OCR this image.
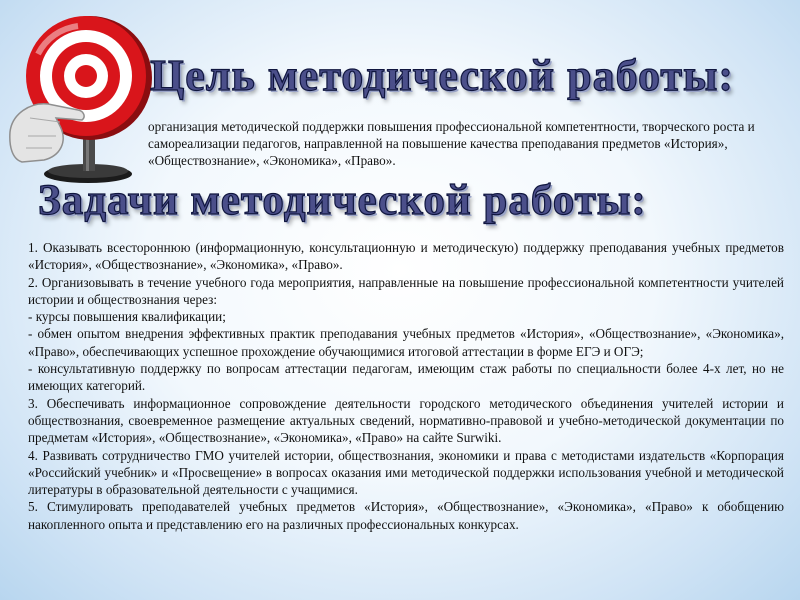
Цель методической работы:

организация методической поддержки повышения профессиональной компетентности, творческого роста и самореализации педагогов, направленной на повышение качества преподавания предметов «История», «Обществознание», «Экономика», «Право».

Задачи методической работы:

1. Оказывать всестороннюю (информационную, консультационную и методическую) поддержку преподавания учебных предметов «История», «Обществознание», «Экономика», «Право».

2. Организовывать в течение учебного года мероприятия, направленные на повышение профессиональной компетентности учителей истории и обществознания через:

- курсы повышения квалификации;

- обмен опытом внедрения эффективных практик преподавания учебных предметов «История», «Обществознание», «Экономика», «Право», обеспечивающих успешное прохождение обучающимися итоговой аттестации в форме ЕГЭ и ОГЭ;

- консультативную поддержку по вопросам аттестации педагогам, имеющим стаж работы по специальности более 4-х лет, но не имеющих категорий.

3. Обеспечивать информационное сопровождение деятельности городского методического объединения учителей истории и обществознания, своевременное размещение актуальных сведений, нормативно-правовой и учебно-методической документации по предметам «История», «Обществознание», «Экономика», «Право» на сайте Surwiki.

4. Развивать сотрудничество ГМО учителей истории, обществознания, экономики и права с методистами издательств «Корпорация «Российский учебник» и «Просвещение» в вопросах оказания ими методической поддержки использования учебной и методической литературы в образовательной деятельности с учащимися.

5. Стимулировать преподавателей учебных предметов «История», «Обществознание», «Экономика», «Право» к обобщению накопленного опыта и представлению его на различных профессиональных конкурсах.
